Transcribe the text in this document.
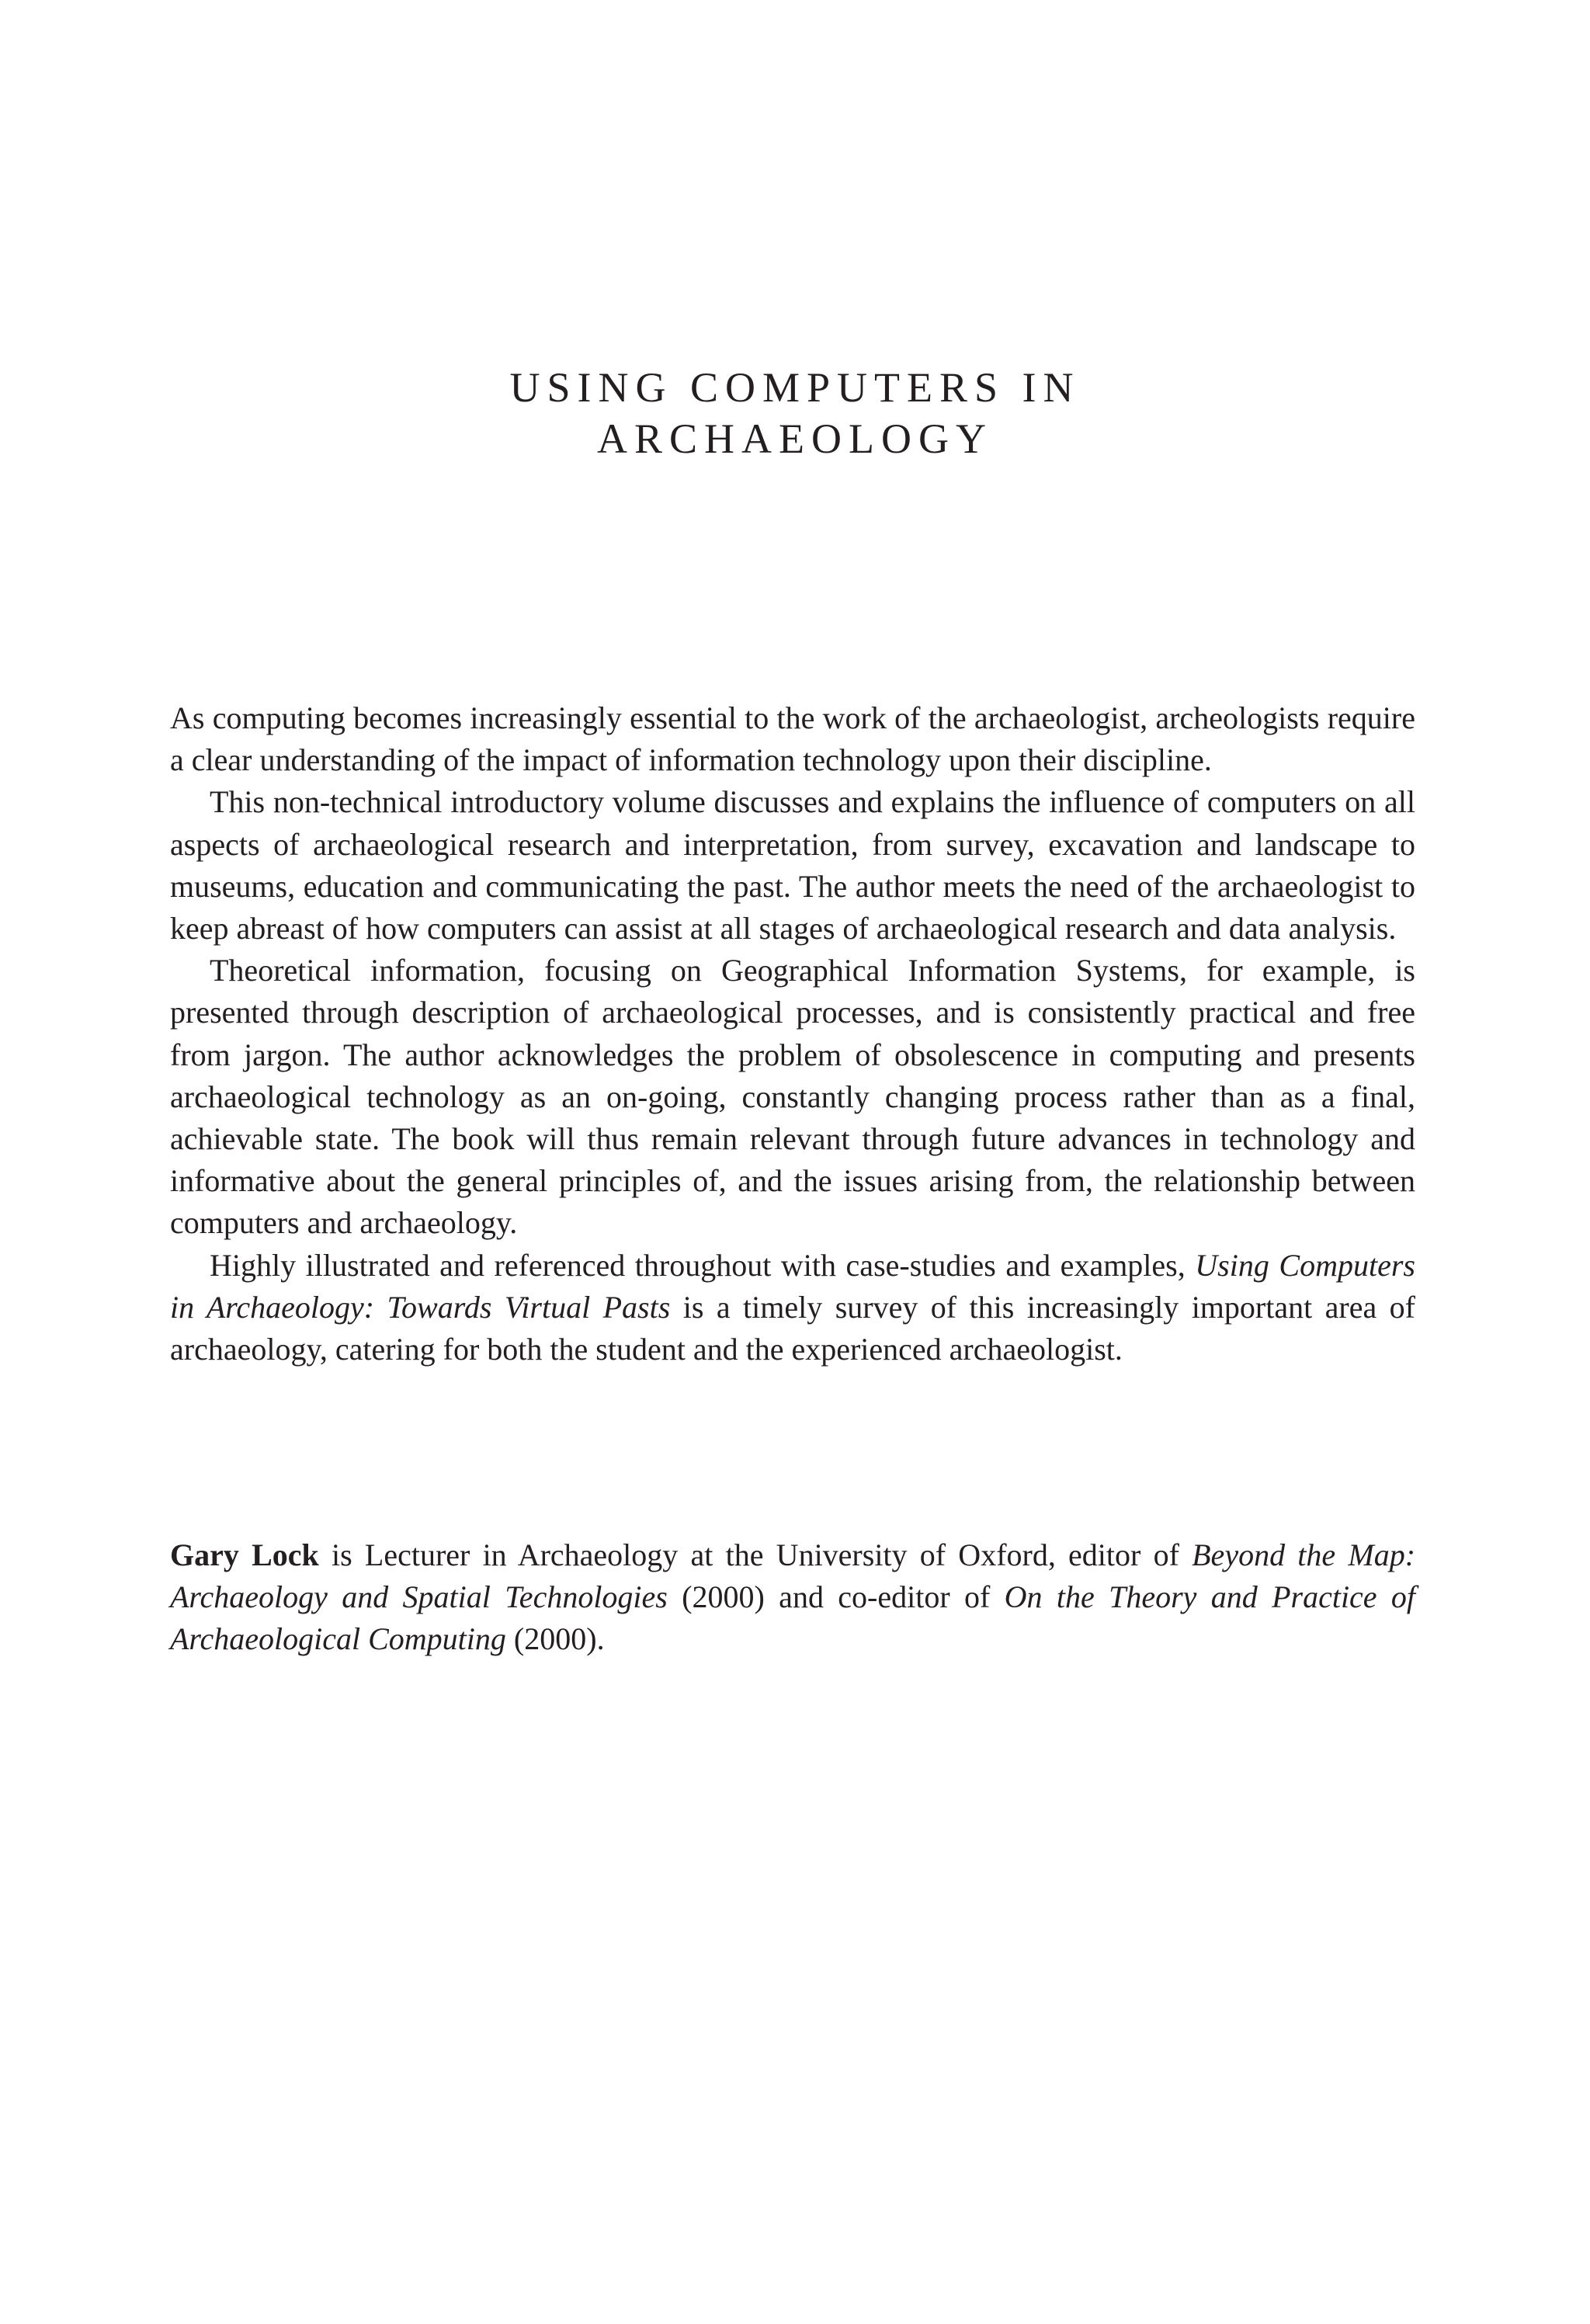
USING COMPUTERS IN
ARCHAEOLOGY

As computing becomes increasingly essential to the work of the archaeologist, archeologists require a clear understanding of the impact of information technology upon their discipline.

This non-technical introductory volume discusses and explains the influence of computers on all aspects of archaeological research and interpretation, from survey, excavation and landscape to museums, education and communicating the past. The author meets the need of the archaeologist to keep abreast of how computers can assist at all stages of archaeological research and data analysis.

Theoretical information, focusing on Geographical Information Systems, for example, is presented through description of archaeological processes, and is consistently practical and free from jargon. The author acknowledges the problem of obsolescence in computing and presents archaeological technology as an on-going, constantly changing process rather than as a final, achievable state. The book will thus remain relevant through future advances in technology and informative about the general principles of, and the issues arising from, the relationship between computers and archaeology.

Highly illustrated and referenced throughout with case-studies and examples, Using Computers in Archaeology: Towards Virtual Pasts is a timely survey of this increasingly important area of archaeology, catering for both the student and the experienced archaeologist.

Gary Lock is Lecturer in Archaeology at the University of Oxford, editor of Beyond the Map: Archaeology and Spatial Technologies (2000) and co-editor of On the Theory and Practice of Archaeological Computing (2000).
